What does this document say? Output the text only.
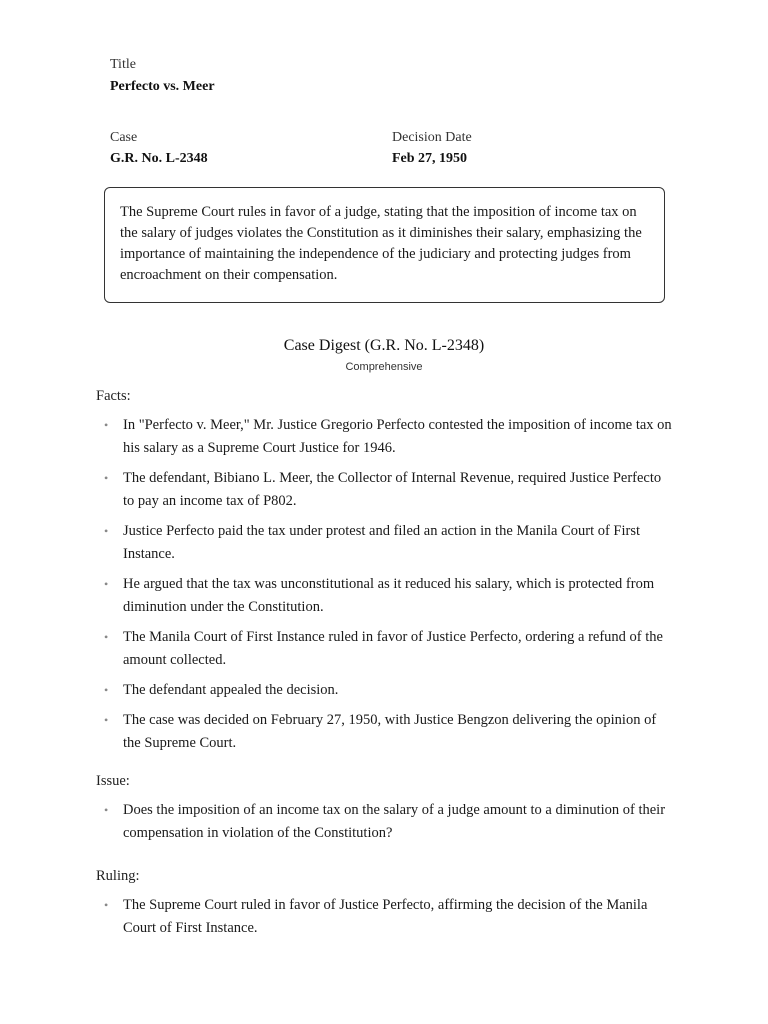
Title
Perfecto vs. Meer
Case
G.R. No. L-2348
Decision Date
Feb 27, 1950
The Supreme Court rules in favor of a judge, stating that the imposition of income tax on the salary of judges violates the Constitution as it diminishes their salary, emphasizing the importance of maintaining the independence of the judiciary and protecting judges from encroachment on their compensation.
Case Digest (G.R. No. L-2348)
Comprehensive
Facts:
• In "Perfecto v. Meer," Mr. Justice Gregorio Perfecto contested the imposition of income tax on his salary as a Supreme Court Justice for 1946.
• The defendant, Bibiano L. Meer, the Collector of Internal Revenue, required Justice Perfecto to pay an income tax of P802.
• Justice Perfecto paid the tax under protest and filed an action in the Manila Court of First Instance.
• He argued that the tax was unconstitutional as it reduced his salary, which is protected from diminution under the Constitution.
• The Manila Court of First Instance ruled in favor of Justice Perfecto, ordering a refund of the amount collected.
• The defendant appealed the decision.
• The case was decided on February 27, 1950, with Justice Bengzon delivering the opinion of the Supreme Court.
Issue:
• Does the imposition of an income tax on the salary of a judge amount to a diminution of their compensation in violation of the Constitution?
Ruling:
• The Supreme Court ruled in favor of Justice Perfecto, affirming the decision of the Manila Court of First Instance.
